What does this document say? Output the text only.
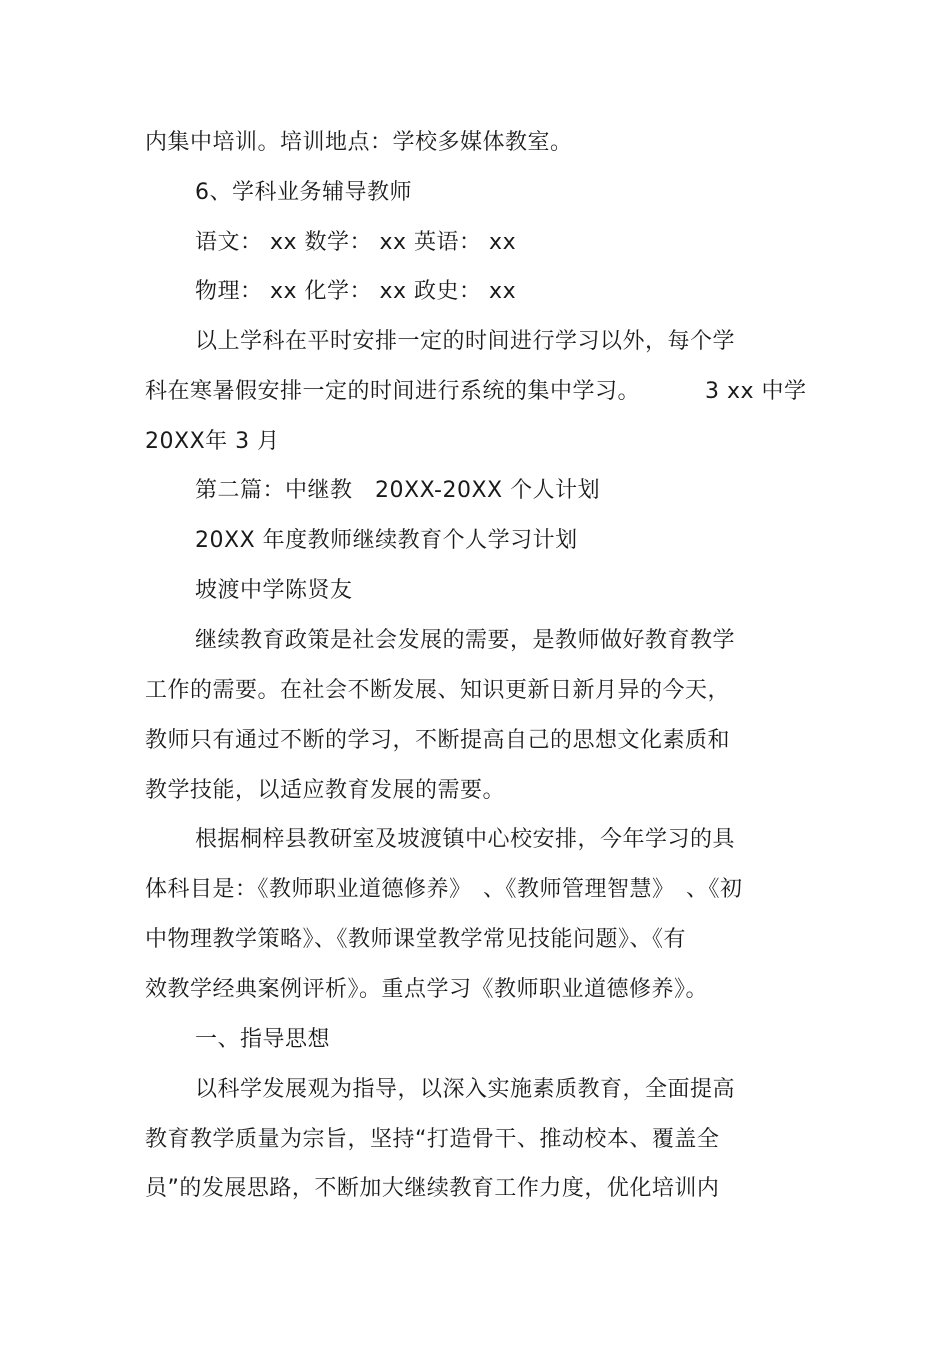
内集中培训。培训地点：学校多媒体教室。
6、学科业务辅导教师
语文： xx 数学： xx 英语： xx
物理： xx 化学： xx 政史： xx
以上学科在平时安排一定的时间进行学习以外，每个学
科在寒暑假安排一定的时间进行系统的集中学习。	3 xx 中学
20XX年 3 月
第二篇：中继教　20XX-20XX 个人计划
20XX 年度教师继续教育个人学习计划
坡渡中学陈贤友
继续教育政策是社会发展的需要，是教师做好教育教学
工作的需要。在社会不断发展、知识更新日新月异的今天，
教师只有通过不断的学习，不断提高自己的思想文化素质和
教学技能，以适应教育发展的需要。
根据桐梓县教研室及坡渡镇中心校安排，今年学习的具
体科目是：《教师职业道德修养》　、《教师管理智慧》　、《初
中物理教学策略》、《教师课堂教学常见技能问题》、《有
效教学经典案例评析》。重点学习《教师职业道德修养》。
一、指导思想
以科学发展观为指导，以深入实施素质教育，全面提高
教育教学质量为宗旨，坚持“打造骨干、推动校本、覆盖全
员”的发展思路，不断加大继续教育工作力度，优化培训内
